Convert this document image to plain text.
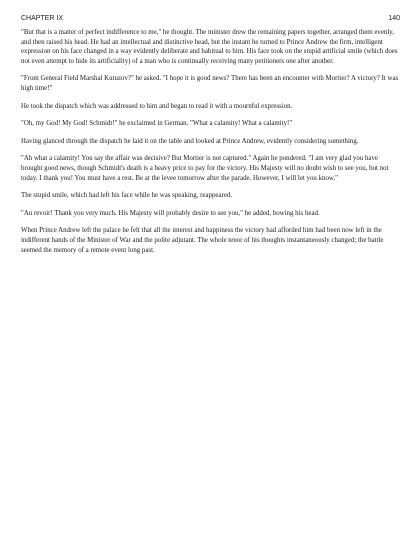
CHAPTER IX	140

"But that is a matter of perfect indifference to me," he thought. The minister drew the remaining papers together, arranged them evenly, and then raised his head. He had an intellectual and distinctive head, but the instant he turned to Prince Andrew the firm, intelligent expression on his face changed in a way evidently deliberate and habitual to him. His face took on the stupid artificial smile (which does not even attempt to hide its artificiality) of a man who is continually receiving many petitioners one after another.

"From General Field Marshal Kutuzov?" he asked. "I hope it is good news? There has been an encounter with Mortier? A victory? It was high time!"

He took the dispatch which was addressed to him and began to read it with a mournful expression.

"Oh, my God! My God! Schmidt!" he exclaimed in German. "What a calamity! What a calamity!"

Having glanced through the dispatch he laid it on the table and looked at Prince Andrew, evidently considering something.

"Ah what a calamity! You say the affair was decisive? But Mortier is not captured." Again he pondered. "I am very glad you have brought good news, though Schmidt's death is a heavy price to pay for the victory. His Majesty will no doubt wish to see you, but not today. I thank you! You must have a rest. Be at the levee tomorrow after the parade. However, I will let you know."

The stupid smile, which had left his face while he was speaking, reappeared.

"Au revoir! Thank you very much. His Majesty will probably desire to see you," he added, bowing his head.

When Prince Andrew left the palace he felt that all the interest and happiness the victory had afforded him had been now left in the indifferent hands of the Minister of War and the polite adjutant. The whole tenor of his thoughts instantaneously changed; the battle seemed the memory of a remote event long past.
